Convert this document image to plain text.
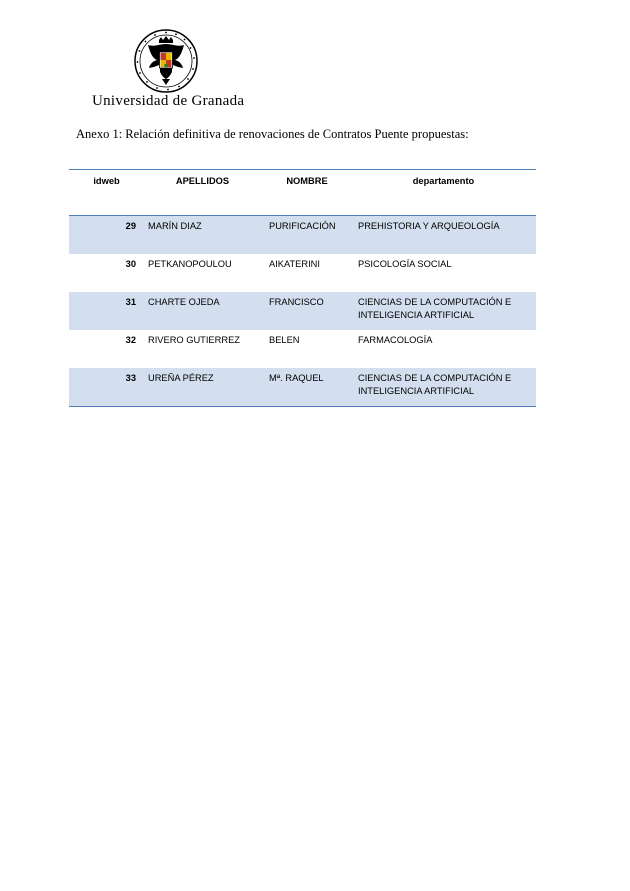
Universidad de Granada
Anexo 1: Relación definitiva de renovaciones de Contratos Puente propuestas:
idweb	APELLIDOS	NOMBRE	departamento
29	MARÍN DIAZ	PURIFICACIÓN	PREHISTORIA Y ARQUEOLOGÍA
30	PETKANOPOULOU	AIKATERINI	PSICOLOGÍA SOCIAL
31	CHARTE OJEDA	FRANCISCO	CIENCIAS DE LA COMPUTACIÓN E INTELIGENCIA ARTIFICIAL
32	RIVERO GUTIERREZ	BELEN	FARMACOLOGÍA
33	UREÑA PÉREZ	Mª. RAQUEL	CIENCIAS DE LA COMPUTACIÓN E INTELIGENCIA ARTIFICIAL
